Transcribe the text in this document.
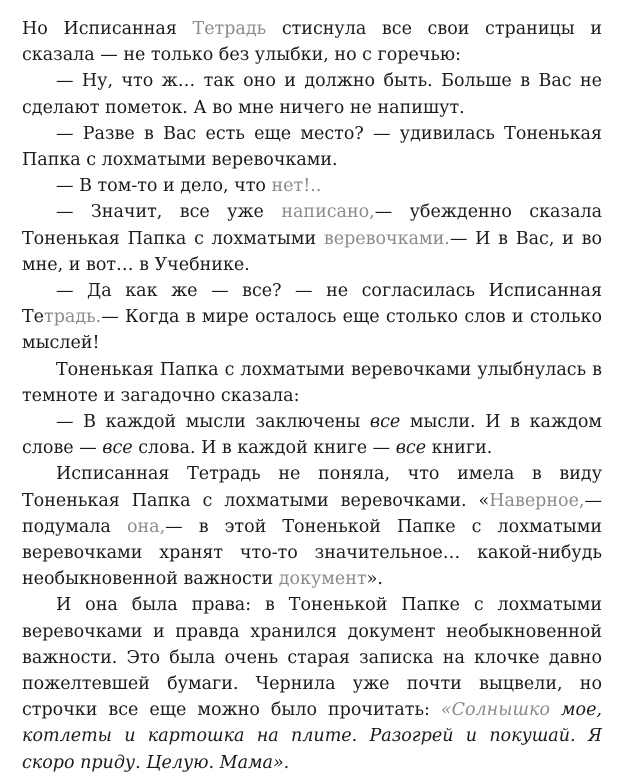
Но Исписанная Тетрадь стиснула все свои страницы и сказала — не только без улыбки, но с горечью:

— Ну, что ж… так оно и должно быть. Больше в Вас не сделают пометок. А во мне ничего не напишут.

— Разве в Вас есть еще место? — удивилась Тоненькая Папка с лохматыми веревочками.

— В том-то и дело, что нет!..

— Значит, все уже написано,— убежденно сказала Тоненькая Папка с лохматыми веревочками.— И в Вас, и во мне, и вот… в Учебнике.

— Да как же — все? — не согласилась Исписанная Тетрадь.— Когда в мире осталось еще столько слов и столько мыслей!

Тоненькая Папка с лохматыми веревочками улыбнулась в темноте и загадочно сказала:

— В каждой мысли заключены все мысли. И в каждом слове — все слова. И в каждой книге — все книги.

Исписанная Тетрадь не поняла, что имела в виду Тоненькая Папка с лохматыми веревочками. «Наверное,— подумала она,— в этой Тоненькой Папке с лохматыми веревочками хранят что-то значительное… какой-нибудь необыкновенной важности документ».

И она была права: в Тоненькой Папке с лохматыми веревочками и правда хранился документ необыкновенной важности. Это была очень старая записка на клочке давно пожелтевшей бумаги. Чернила уже почти выцвели, но строчки все еще можно было прочитать: «Солнышко мое, котлеты и картошка на плите. Разогрей и покушай. Я скоро приду. Целую. Мама».
